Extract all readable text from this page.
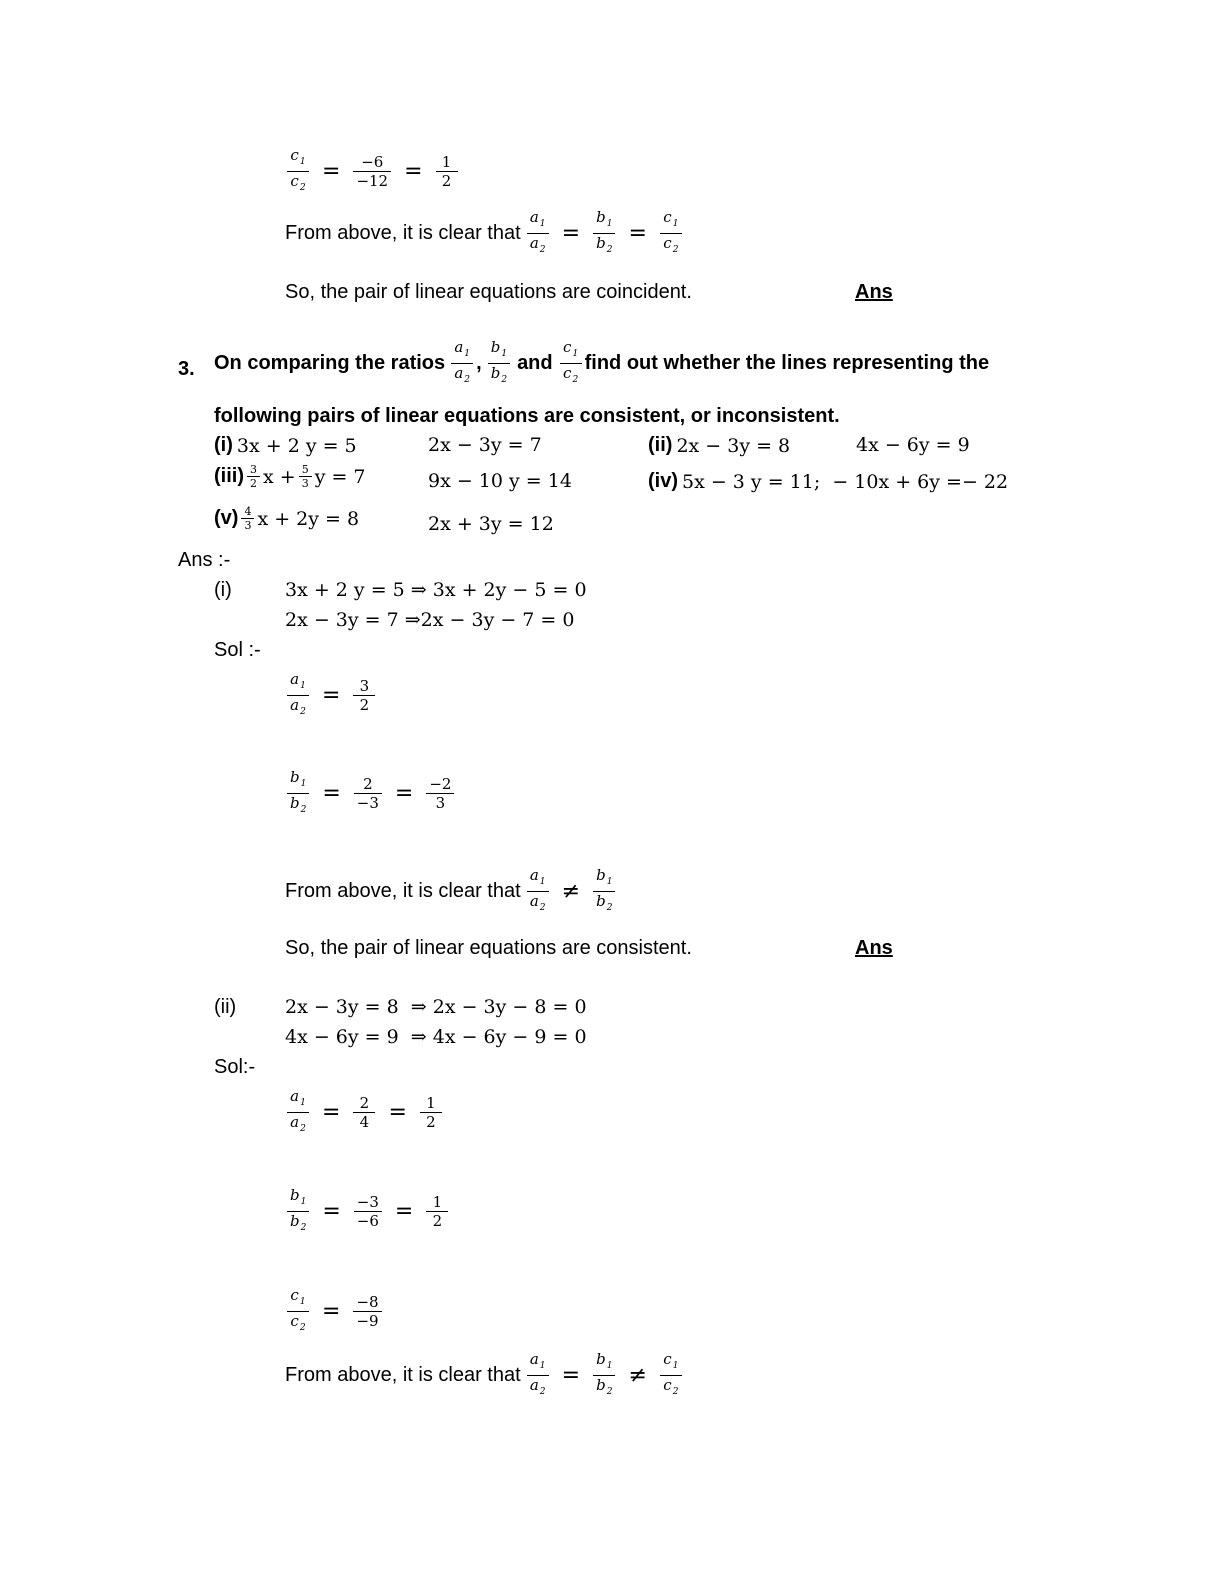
$\frac{c_1}{c_2} = \frac{-6}{-12} = \frac{1}{2}$
From above, it is clear that $\frac{a_1}{a_2} = \frac{b_1}{b_2} = \frac{c_1}{c_2}$
So, the pair of linear equations are coincident.	Ans
3. On comparing the ratios $\frac{a_1}{a_2}$ , $\frac{b_1}{b_2}$ and $\frac{c_1}{c_2}$ find out whether the lines representing the
following pairs of linear equations are consistent, or inconsistent.
(i) 3x + 2 y = 5	2x − 3y = 7	(ii) 2x − 3y = 8	4x − 6y = 9
$(iii) \frac{3}{2}$ $x + \frac{5}{3}$ y = 7	9x − 10 y = 14	(iv) 5x − 3 y = 11;  − 10x + 6y =− 22
$(v) \frac{4}{3}$ x + 2y = 8	2x + 3y = 12
Ans :-
(i)	3x + 2 y = 5 ⇒ 3x + 2y − 5 = 0
2x − 3y = 7 ⇒2x − 3y − 7 = 0
Sol :-
$\frac{a_1}{a_2} = \frac{3}{2}$
$\frac{b_1}{b_2} = \frac{2}{-3} = \frac{-2}{3}$
From above, it is clear that $\frac{a_1}{a_2} \ne \frac{b_1}{b_2}$
So, the pair of linear equations are consistent.	Ans
(ii)	2x − 3y = 8  ⇒ 2x − 3y − 8 = 0
4x − 6y = 9  ⇒ 4x − 6y − 9 = 0
Sol:-
$\frac{a_1}{a_2} = \frac{2}{4} = \frac{1}{2}$
$\frac{b_1}{b_2} = \frac{-3}{-6} = \frac{1}{2}$
$\frac{c_1}{c_2} = \frac{-8}{-9}$
From above, it is clear that $\frac{a_1}{a_2} = \frac{b_1}{b_2} \ne \frac{c_1}{c_2}$
